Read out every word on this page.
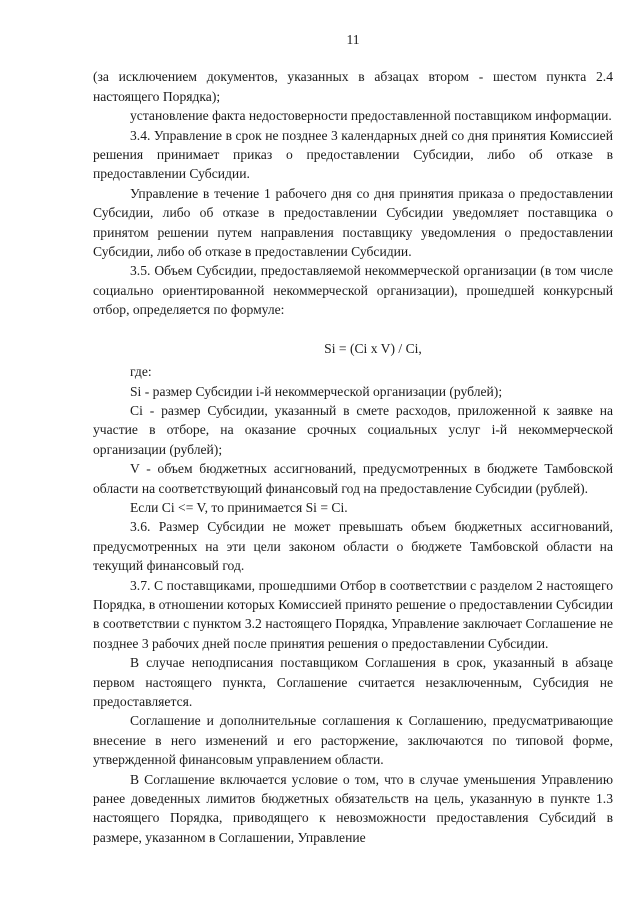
11

(за исключением документов, указанных в абзацах втором - шестом пункта 2.4 настоящего Порядка);

установление факта недостоверности предоставленной поставщиком информации.

3.4. Управление в срок не позднее 3 календарных дней со дня принятия Комиссией решения принимает приказ о предоставлении Субсидии, либо об отказе в предоставлении Субсидии.

Управление в течение 1 рабочего дня со дня принятия приказа о предоставлении Субсидии, либо об отказе в предоставлении Субсидии уведомляет поставщика о принятом решении путем направления поставщику уведомления о предоставлении Субсидии, либо об отказе в предоставлении Субсидии.

3.5. Объем Субсидии, предоставляемой некоммерческой организации (в том числе социально ориентированной некоммерческой организации), прошедшей конкурсный отбор, определяется по формуле:

Si = (Ci x V) / Ci,

где:

Si - размер Субсидии i-й некоммерческой организации (рублей);

Ci - размер Субсидии, указанный в смете расходов, приложенной к заявке на участие в отборе, на оказание срочных социальных услуг i-й некоммерческой организации (рублей);

V - объем бюджетных ассигнований, предусмотренных в бюджете Тамбовской области на соответствующий финансовый год на предоставление Субсидии (рублей).

Если Ci <= V, то принимается Si = Ci.

3.6. Размер Субсидии не может превышать объем бюджетных ассигнований, предусмотренных на эти цели законом области о бюджете Тамбовской области на текущий финансовый год.

3.7. С поставщиками, прошедшими Отбор в соответствии с разделом 2 настоящего Порядка, в отношении которых Комиссией принято решение о предоставлении Субсидии в соответствии с пунктом 3.2 настоящего Порядка, Управление заключает Соглашение не позднее 3 рабочих дней после принятия решения о предоставлении Субсидии.

В случае неподписания поставщиком Соглашения в срок, указанный в абзаце первом настоящего пункта, Соглашение считается незаключенным, Субсидия не предоставляется.

Соглашение и дополнительные соглашения к Соглашению, предусматривающие внесение в него изменений и его расторжение, заключаются по типовой форме, утвержденной финансовым управлением области.

В Соглашение включается условие о том, что в случае уменьшения Управлению ранее доведенных лимитов бюджетных обязательств на цель, указанную в пункте 1.3 настоящего Порядка, приводящего к невозможности предоставления Субсидий в размере, указанном в Соглашении, Управление
